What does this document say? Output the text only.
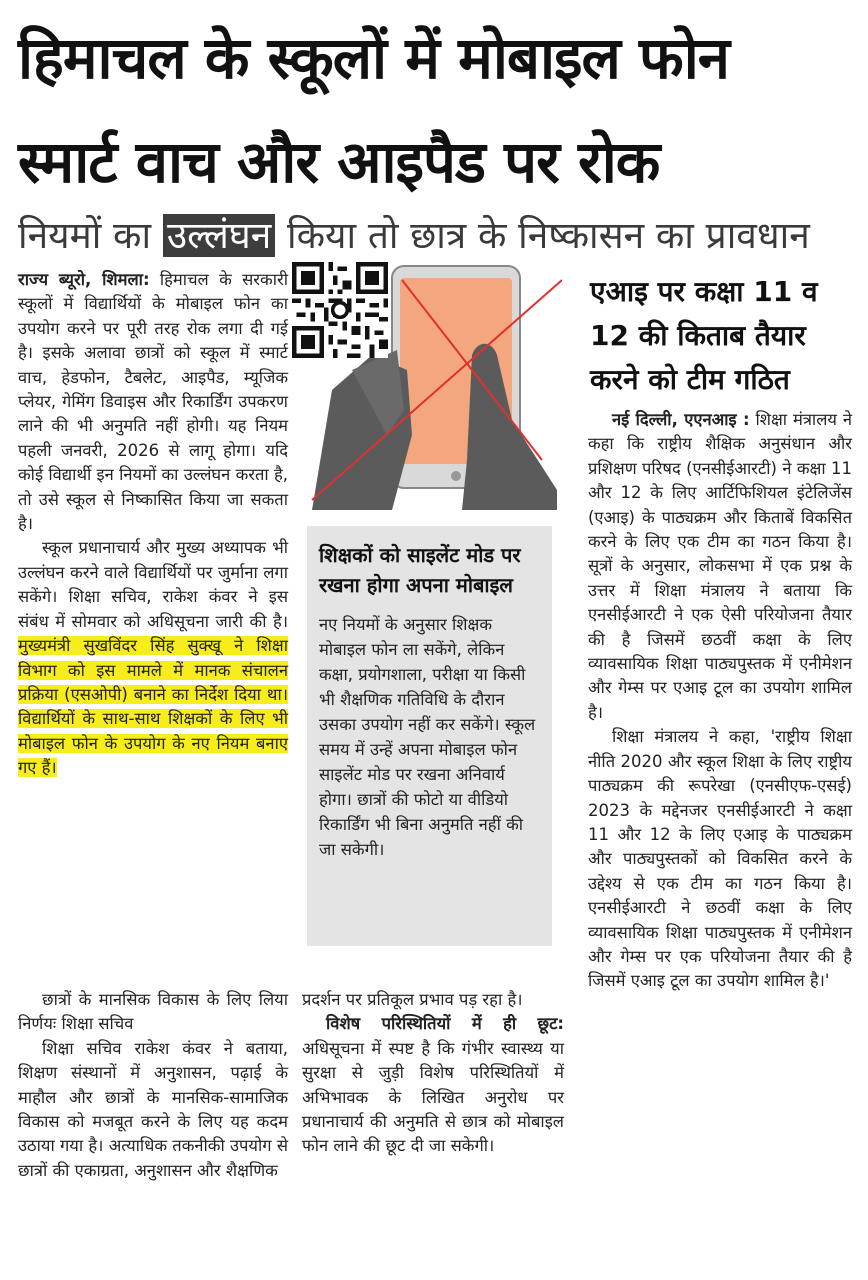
हिमाचल के स्कूलों में मोबाइल फोन
स्मार्ट वाच और आइपैड पर रोक
नियमों का उल्लंघन किया तो छात्र के निष्कासन का प्रावधान

राज्य ब्यूरो, शिमला: हिमाचल के सरकारी स्कूलों में विद्यार्थियों के मोबाइल फोन का उपयोग करने पर पूरी तरह रोक लगा दी गई है। इसके अलावा छात्रों को स्कूल में स्मार्ट वाच, हेडफोन, टैबलेट, आइपैड, म्यूजिक प्लेयर, गेमिंग डिवाइस और रिकार्डिंग उपकरण लाने की भी अनुमति नहीं होगी। यह नियम पहली जनवरी, 2026 से लागू होगा। यदि कोई विद्यार्थी इन नियमों का उल्लंघन करता है, तो उसे स्कूल से निष्कासित किया जा सकता है।

स्कूल प्रधानाचार्य और मुख्य अध्यापक भी उल्लंघन करने वाले विद्यार्थियों पर जुर्माना लगा सकेंगे। शिक्षा सचिव, राकेश कंवर ने इस संबंध में सोमवार को अधिसूचना जारी की है। मुख्यमंत्री सुखविंदर सिंह सुक्खू ने शिक्षा विभाग को इस मामले में मानक संचालन प्रक्रिया (एसओपी) बनाने का निर्देश दिया था। विद्यार्थियों के साथ-साथ शिक्षकों के लिए भी मोबाइल फोन के उपयोग के नए नियम बनाए गए हैं।

छात्रों के मानसिक विकास के लिए लिया निर्णयः शिक्षा सचिव

शिक्षा सचिव राकेश कंवर ने बताया, शिक्षण संस्थानों में अनुशासन, पढ़ाई के माहौल और छात्रों के मानसिक-सामाजिक विकास को मजबूत करने के लिए यह कदम उठाया गया है। अत्याधिक तकनीकी उपयोग से छात्रों की एकाग्रता, अनुशासन और शैक्षणिक

शिक्षकों को साइलेंट मोड पर रखना होगा अपना मोबाइल
नए नियमों के अनुसार शिक्षक मोबाइल फोन ला सकेंगे, लेकिन कक्षा, प्रयोगशाला, परीक्षा या किसी भी शैक्षणिक गतिविधि के दौरान उसका उपयोग नहीं कर सकेंगे। स्कूल समय में उन्हें अपना मोबाइल फोन साइलेंट मोड पर रखना अनिवार्य होगा। छात्रों की फोटो या वीडियो रिकार्डिंग भी बिना अनुमति नहीं की जा सकेगी।

प्रदर्शन पर प्रतिकूल प्रभाव पड़ रहा है।

विशेष परिस्थितियों में ही छूट: अधिसूचना में स्पष्ट है कि गंभीर स्वास्थ्य या सुरक्षा से जुड़ी विशेष परिस्थितियों में अभिभावक के लिखित अनुरोध पर प्रधानाचार्य की अनुमति से छात्र को मोबाइल फोन लाने की छूट दी जा सकेगी।

एआइ पर कक्षा 11 व 12 की किताब तैयार करने को टीम गठित

नई दिल्ली, एएनआइ : शिक्षा मंत्रालय ने कहा कि राष्ट्रीय शैक्षिक अनुसंधान और प्रशिक्षण परिषद (एनसीईआरटी) ने कक्षा 11 और 12 के लिए आर्टिफिशियल इंटेलिजेंस (एआइ) के पाठ्यक्रम और किताबें विकसित करने के लिए एक टीम का गठन किया है। सूत्रों के अनुसार, लोकसभा में एक प्रश्न के उत्तर में शिक्षा मंत्रालय ने बताया कि एनसीईआरटी ने एक ऐसी परियोजना तैयार की है जिसमें छठवीं कक्षा के लिए व्यावसायिक शिक्षा पाठ्यपुस्तक में एनीमेशन और गेम्स पर एआइ टूल का उपयोग शामिल है।

शिक्षा मंत्रालय ने कहा, 'राष्ट्रीय शिक्षा नीति 2020 और स्कूल शिक्षा के लिए राष्ट्रीय पाठ्यक्रम की रूपरेखा (एनसीएफ-एसई) 2023 के मद्देनजर एनसीईआरटी ने कक्षा 11 और 12 के लिए एआइ के पाठ्यक्रम और पाठ्यपुस्तकों को विकसित करने के उद्देश्य से एक टीम का गठन किया है। एनसीईआरटी ने छठवीं कक्षा के लिए व्यावसायिक शिक्षा पाठ्यपुस्तक में एनीमेशन और गेम्स पर एक परियोजना तैयार की है जिसमें एआइ टूल का उपयोग शामिल है।'
